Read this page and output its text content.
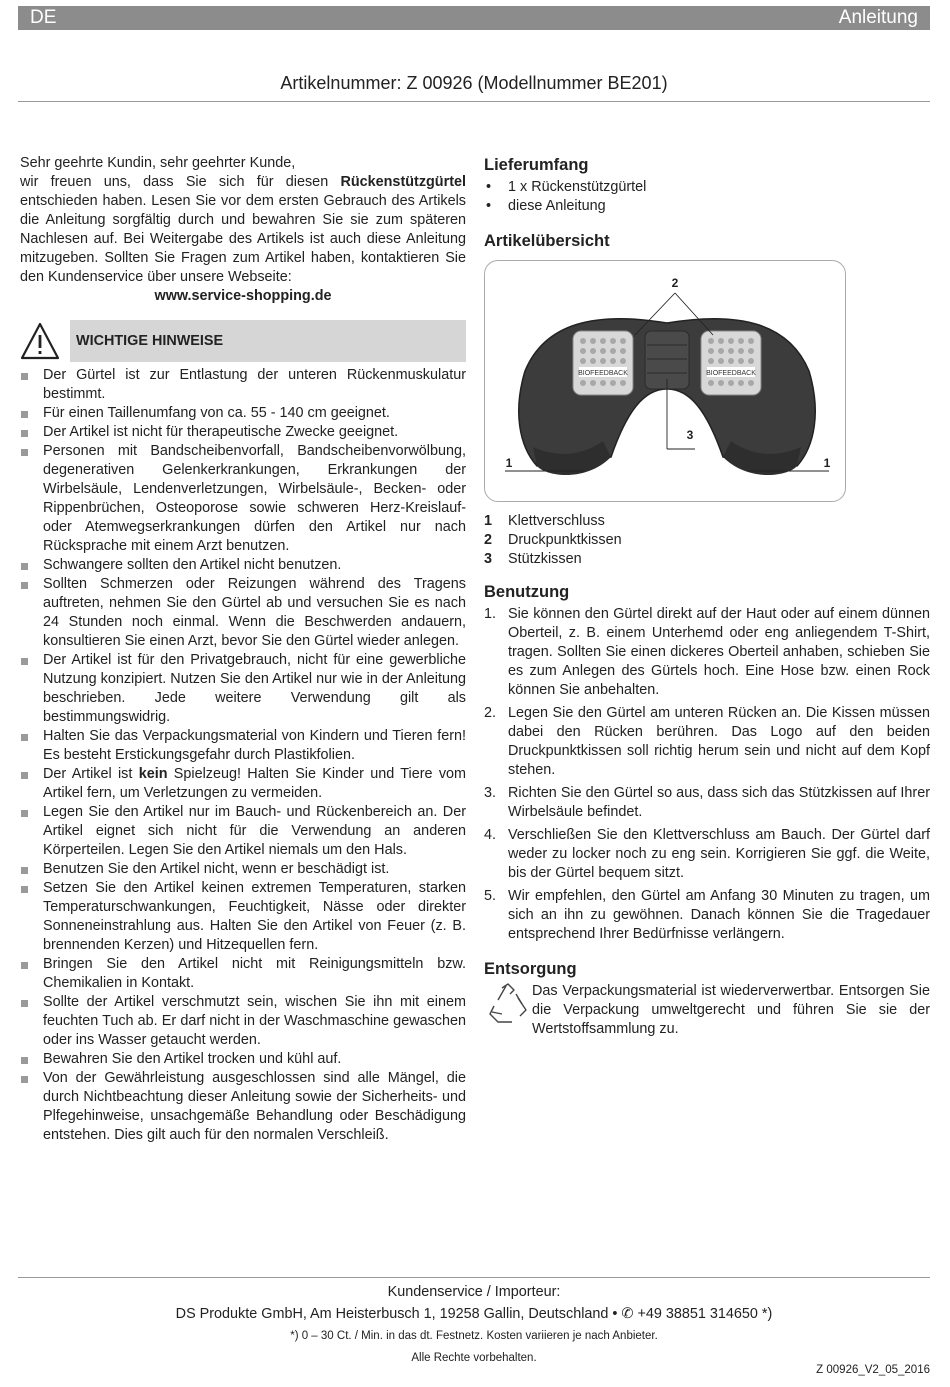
DE	Anleitung
Artikelnummer: Z 00926 (Modellnummer BE201)

Sehr geehrte Kundin, sehr geehrter Kunde,

wir freuen uns, dass Sie sich für diesen Rückenstützgürtel entschieden haben. Lesen Sie vor dem ersten Gebrauch des Artikels die Anleitung sorgfältig durch und bewahren Sie sie zum späteren Nachlesen auf. Bei Weitergabe des Artikels ist auch diese Anleitung mitzugeben. Sollten Sie Fragen zum Artikel haben, kontaktieren Sie den Kundenservice über unsere Webseite:

www.service-shopping.de

WICHTIGE HINWEISE
Der Gürtel ist zur Entlastung der unteren Rückenmuskulatur bestimmt.
Für einen Taillenumfang von ca. 55 - 140 cm geeignet.
Der Artikel ist nicht für therapeutische Zwecke geeignet.
Personen mit Bandscheibenvorfall, Bandscheibenvorwölbung, degenerativen Gelenkerkrankungen, Erkrankungen der Wirbelsäule, Lendenverletzungen, Wirbelsäule-, Becken- oder Rippenbrüchen, Osteoporose sowie schweren Herz-Kreislauf- oder Atemwegserkrankungen dürfen den Artikel nur nach Rücksprache mit einem Arzt benutzen.
Schwangere sollten den Artikel nicht benutzen.
Sollten Schmerzen oder Reizungen während des Tragens auftreten, nehmen Sie den Gürtel ab und versuchen Sie es nach 24 Stunden noch einmal. Wenn die Beschwerden andauern, konsultieren Sie einen Arzt, bevor Sie den Gürtel wieder anlegen.
Der Artikel ist für den Privatgebrauch, nicht für eine gewerbliche Nutzung konzipiert. Nutzen Sie den Artikel nur wie in der Anleitung beschrieben. Jede weitere Verwendung gilt als bestimmungswidrig.
Halten Sie das Verpackungsmaterial von Kindern und Tieren fern! Es besteht Erstickungsgefahr durch Plastikfolien.
Der Artikel ist kein Spielzeug! Halten Sie Kinder und Tiere vom Artikel fern, um Verletzungen zu vermeiden.
Legen Sie den Artikel nur im Bauch- und Rückenbereich an. Der Artikel eignet sich nicht für die Verwendung an anderen Körperteilen. Legen Sie den Artikel niemals um den Hals.
Benutzen Sie den Artikel nicht, wenn er beschädigt ist.
Setzen Sie den Artikel keinen extremen Temperaturen, starken Temperaturschwankungen, Feuchtigkeit, Nässe oder direkter Sonneneinstrahlung aus. Halten Sie den Artikel von Feuer (z. B. brennenden Kerzen) und Hitzequellen fern.
Bringen Sie den Artikel nicht mit Reinigungsmitteln bzw. Chemikalien in Kontakt.
Sollte der Artikel verschmutzt sein, wischen Sie ihn mit einem feuchten Tuch ab. Er darf nicht in der Waschmaschine gewaschen oder ins Wasser getaucht werden.
Bewahren Sie den Artikel trocken und kühl auf.
Von der Gewährleistung ausgeschlossen sind alle Mängel, die durch Nichtbeachtung dieser Anleitung sowie der Sicherheits- und Plfegehinweise, unsachgemäße Behandlung oder Beschädigung entstehen. Dies gilt auch für den normalen Verschleiß.
Lieferumfang
• 1 x Rückenstützgürtel
• diese Anleitung
Artikelübersicht
BIOFEEDBACK	BIOFEEDBACK
2
3
1	1
1	Klettverschluss
2	Druckpunktkissen
3	Stützkissen
Benutzung
1. Sie können den Gürtel direkt auf der Haut oder auf einem dünnen Oberteil, z. B. einem Unterhemd oder eng anliegendem T-Shirt, tragen. Sollten Sie einen dickeres Oberteil anhaben, schieben Sie es zum Anlegen des Gürtels hoch. Eine Hose bzw. einen Rock können Sie anbehalten.
2. Legen Sie den Gürtel am unteren Rücken an. Die Kissen müssen dabei den Rücken berühren. Das Logo auf den beiden Druckpunktkissen soll richtig herum sein und nicht auf dem Kopf stehen.
3. Richten Sie den Gürtel so aus, dass sich das Stützkissen auf Ihrer Wirbelsäule befindet.
4. Verschließen Sie den Klettverschluss am Bauch. Der Gürtel darf weder zu locker noch zu eng sein. Korrigieren Sie ggf. die Weite, bis der Gürtel bequem sitzt.
5. Wir empfehlen, den Gürtel am Anfang 30 Minuten zu tragen, um sich an ihn zu gewöhnen. Danach können Sie die Tragedauer entsprechend Ihrer Bedürfnisse verlängern.
Entsorgung
Das Verpackungsmaterial ist wiederverwertbar. Entsorgen Sie die Verpackung umweltgerecht und führen Sie sie der Wertstoffsammlung zu.
Kundenservice / Importeur:
DS Produkte GmbH, Am Heisterbusch 1, 19258 Gallin, Deutschland • ✆ +49 38851 314650 *)
*) 0 – 30 Ct. / Min. in das dt. Festnetz. Kosten variieren je nach Anbieter.
Alle Rechte vorbehalten.
Z 00926_V2_05_2016
